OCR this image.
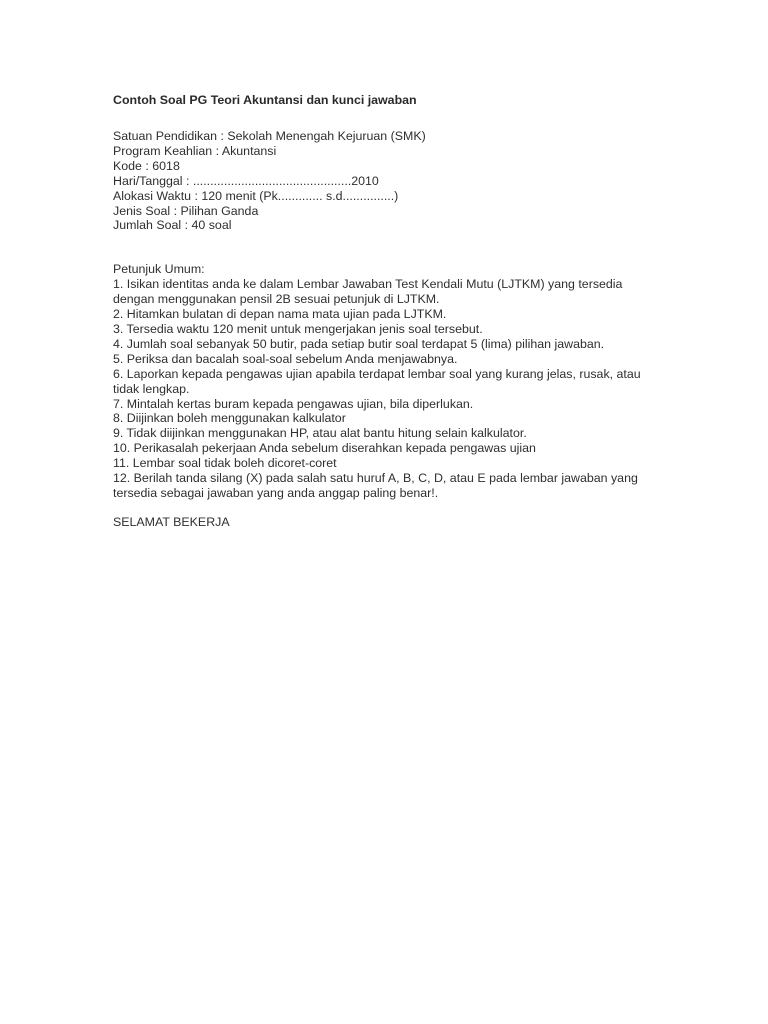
Contoh Soal PG Teori Akuntansi dan kunci jawaban

Satuan Pendidikan : Sekolah Menengah Kejuruan (SMK)

Program Keahlian : Akuntansi

Kode : 6018

Hari/Tanggal : ..............................................2010

Alokasi Waktu : 120 menit (Pk............. s.d...............)

Jenis Soal : Pilihan Ganda

Jumlah Soal : 40 soal

Petunjuk Umum:

1. Isikan identitas anda ke dalam Lembar Jawaban Test Kendali Mutu (LJTKM) yang tersedia

dengan menggunakan pensil 2B sesuai petunjuk di LJTKM.

2. Hitamkan bulatan di depan nama mata ujian pada LJTKM.

3. Tersedia waktu 120 menit untuk mengerjakan jenis soal tersebut.

4. Jumlah soal sebanyak 50 butir, pada setiap butir soal terdapat 5 (lima) pilihan jawaban.

5. Periksa dan bacalah soal-soal sebelum Anda menjawabnya.

6. Laporkan kepada pengawas ujian apabila terdapat lembar soal yang kurang jelas, rusak, atau

tidak lengkap.

7. Mintalah kertas buram kepada pengawas ujian, bila diperlukan.

8. Diijinkan boleh menggunakan kalkulator

9. Tidak diijinkan menggunakan HP, atau alat bantu hitung selain kalkulator.

10. Perikasalah pekerjaan Anda sebelum diserahkan kepada pengawas ujian

11. Lembar soal tidak boleh dicoret-coret

12. Berilah tanda silang (X) pada salah satu huruf A, B, C, D, atau E pada lembar jawaban yang

tersedia sebagai jawaban yang anda anggap paling benar!.

SELAMAT BEKERJA
